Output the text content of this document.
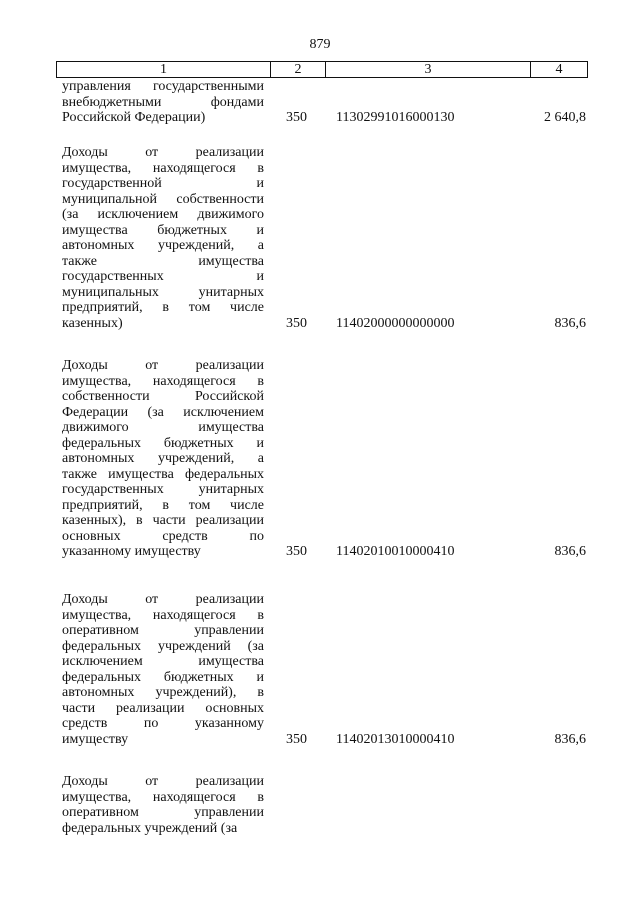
879
1	2	3	4
управления государственными
внебюджетными фондами
Российской Федерации)	350	11302991016000130	2 640,8
Доходы от реализации
имущества, находящегося в
государственной и
муниципальной собственности
(за исключением движимого
имущества бюджетных и
автономных учреждений, а
также имущества
государственных и
муниципальных унитарных
предприятий, в том числе
казенных)	350	11402000000000000	836,6
Доходы от реализации
имущества, находящегося в
собственности Российской
Федерации (за исключением
движимого имущества
федеральных бюджетных и
автономных учреждений, а
также имущества федеральных
государственных унитарных
предприятий, в том числе
казенных), в части реализации
основных средств по
указанному имуществу	350	11402010010000410	836,6
Доходы от реализации
имущества, находящегося в
оперативном управлении
федеральных учреждений (за
исключением имущества
федеральных бюджетных и
автономных учреждений), в
части реализации основных
средств по указанному
имуществу	350	11402013010000410	836,6
Доходы от реализации
имущества, находящегося в
оперативном управлении
федеральных учреждений (за
